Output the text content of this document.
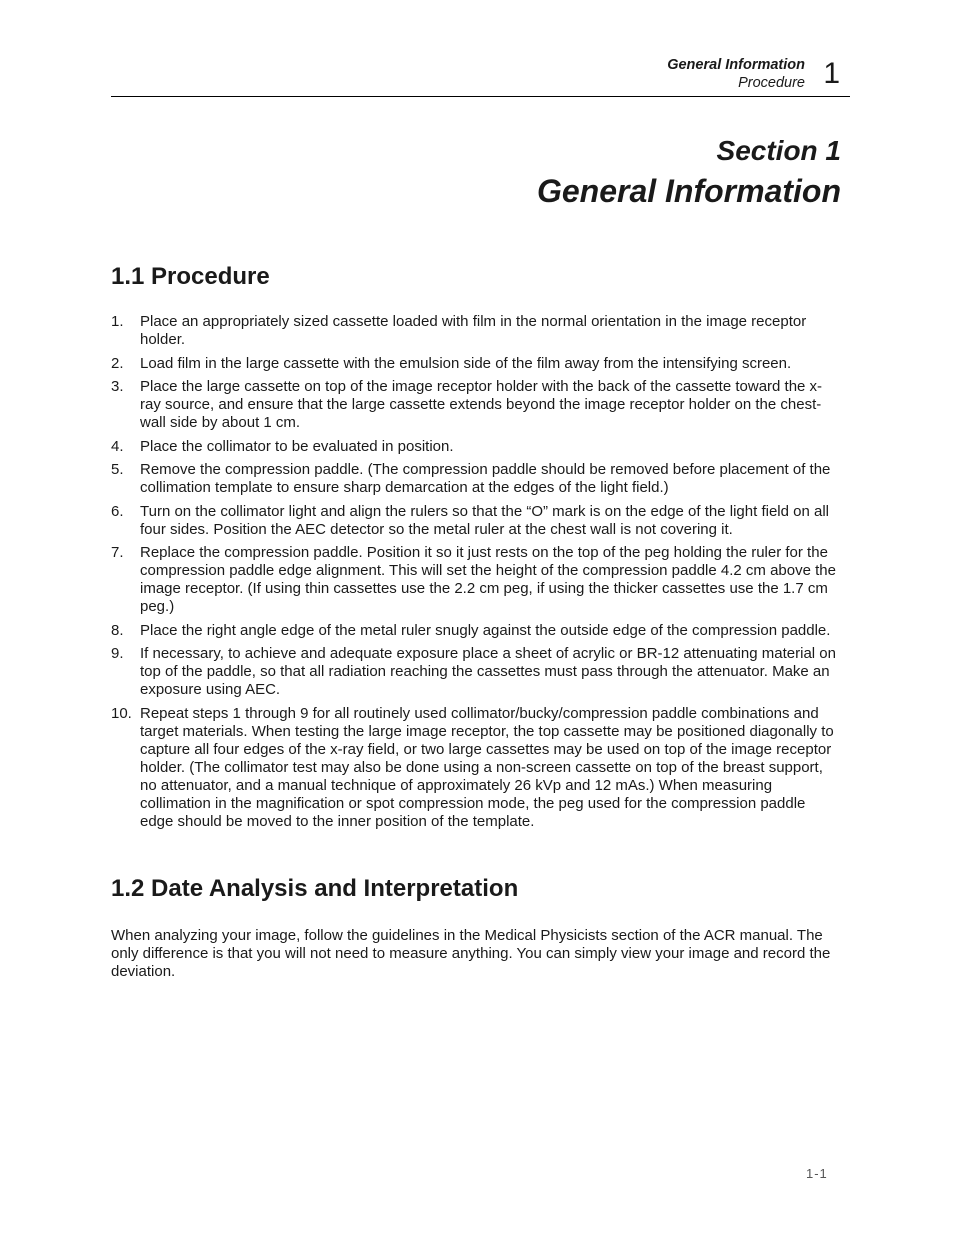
General Information
Procedure 1
Section 1
General Information
1.1 Procedure
1. Place an appropriately sized cassette loaded with film in the normal orientation in the image receptor holder.
2. Load film in the large cassette with the emulsion side of the film away from the intensifying screen.
3. Place the large cassette on top of the image receptor holder with the back of the cassette toward the x-ray source, and ensure that the large cassette extends beyond the image receptor holder on the chest-wall side by about 1 cm.
4. Place the collimator to be evaluated in position.
5. Remove the compression paddle. (The compression paddle should be removed before placement of the collimation template to ensure sharp demarcation at the edges of the light field.)
6. Turn on the collimator light and align the rulers so that the “O” mark is on the edge of the light field on all four sides. Position the AEC detector so the metal ruler at the chest wall is not covering it.
7. Replace the compression paddle. Position it so it just rests on the top of the peg holding the ruler for the compression paddle edge alignment. This will set the height of the compression paddle 4.2 cm above the image receptor. (If using thin cassettes use the 2.2 cm peg, if using the thicker cassettes use the 1.7 cm peg.)
8. Place the right angle edge of the metal ruler snugly against the outside edge of the compression paddle.
9. If necessary, to achieve and adequate exposure place a sheet of acrylic or BR-12 attenuating material on top of the paddle, so that all radiation reaching the cassettes must pass through the attenuator. Make an exposure using AEC.
10. Repeat steps 1 through 9 for all routinely used collimator/bucky/compression paddle combinations and target materials. When testing the large image receptor, the top cassette may be positioned diagonally to capture all four edges of the x-ray field, or two large cassettes may be used on top of the image receptor holder. (The collimator test may also be done using a non-screen cassette on top of the breast support, no attenuator, and a manual technique of approximately 26 kVp and 12 mAs.) When measuring collimation in the magnification or spot compression mode, the peg used for the compression paddle edge should be moved to the inner position of the template.
1.2 Date Analysis and Interpretation

When analyzing your image, follow the guidelines in the Medical Physicists section of the ACR manual. The only difference is that you will not need to measure anything. You can simply view your image and record the deviation.

1-1
